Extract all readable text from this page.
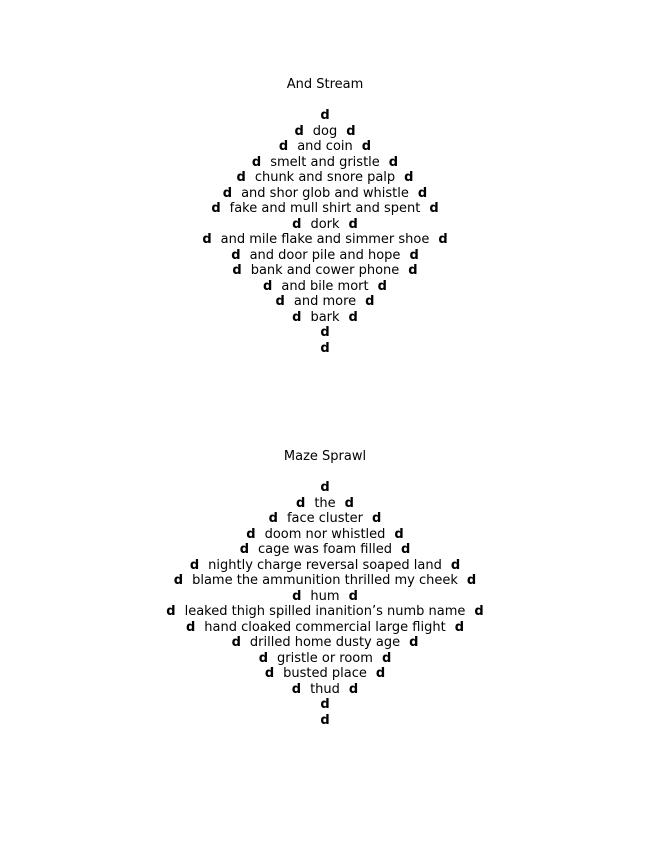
And Stream
d
d dog d
d and coin d
d smelt and gristle d
d chunk and snore palp d
d and shor glob and whistle d
d fake and mull shirt and spent d
d dork d
d and mile flake and simmer shoe d
d and door pile and hope d
d bank and cower phone d
d and bile mort d
d and more d
d bark d
d
d
Maze Sprawl
d
d the d
d face cluster d
d doom nor whistled d
d cage was foam filled d
d nightly charge reversal soaped land d
d blame the ammunition thrilled my cheek d
d hum d
d leaked thigh spilled inanition’s numb name d
d hand cloaked commercial large flight d
d drilled home dusty age d
d gristle or room d
d busted place d
d thud d
d
d
